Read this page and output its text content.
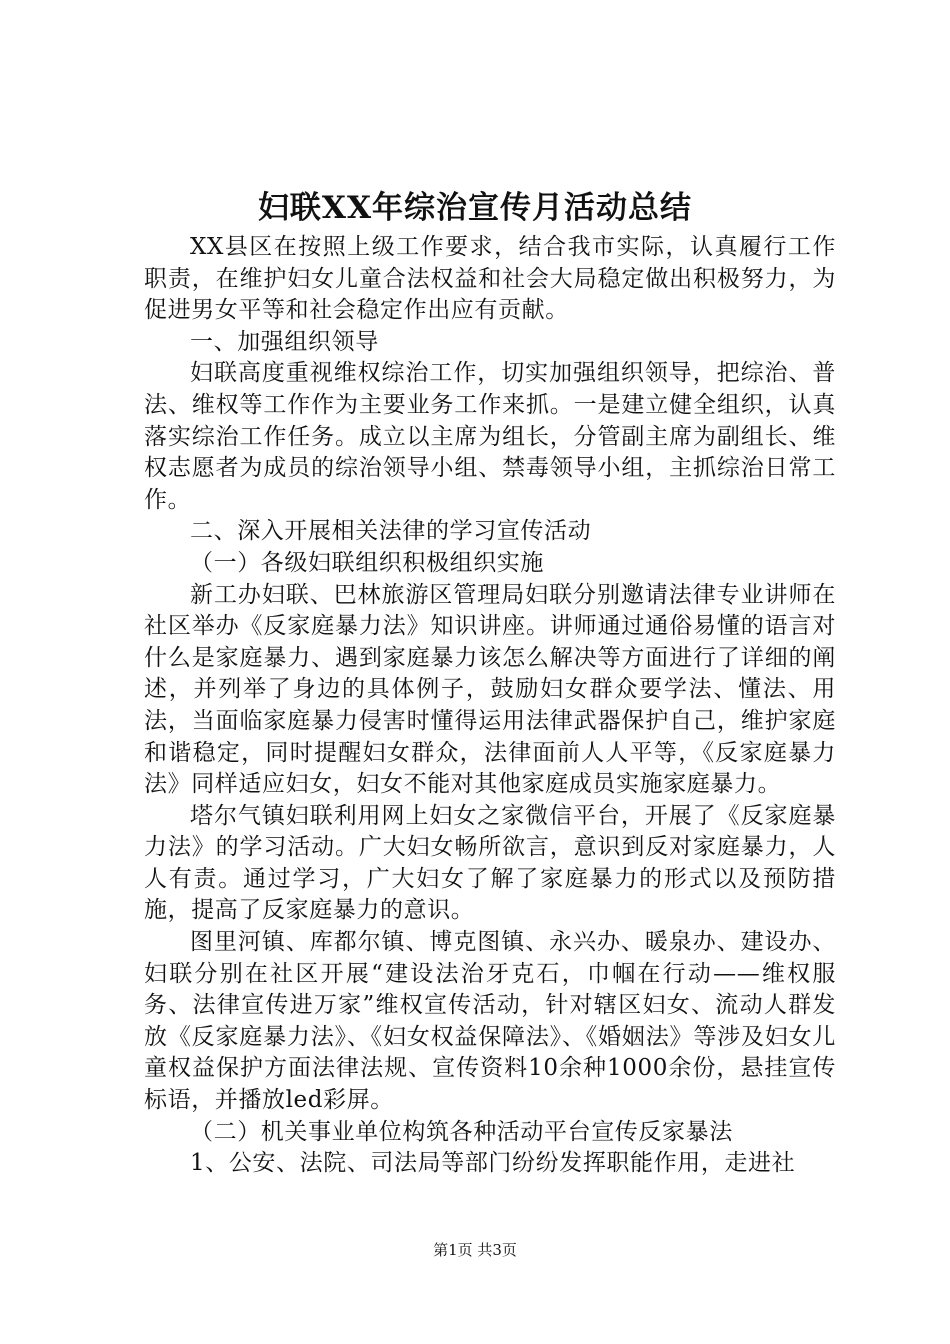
妇联XX年综治宣传月活动总结

XX县区在按照上级工作要求，结合我市实际，认真履行工作职责，在维护妇女儿童合法权益和社会大局稳定做出积极努力，为促进男女平等和社会稳定作出应有贡献。

一、加强组织领导

妇联高度重视维权综治工作，切实加强组织领导，把综治、普法、维权等工作作为主要业务工作来抓。一是建立健全组织，认真落实综治工作任务。成立以主席为组长，分管副主席为副组长、维权志愿者为成员的综治领导小组、禁毒领导小组，主抓综治日常工作。

二、深入开展相关法律的学习宣传活动

（一）各级妇联组织积极组织实施

新工办妇联、巴林旅游区管理局妇联分别邀请法律专业讲师在社区举办《反家庭暴力法》知识讲座。讲师通过通俗易懂的语言对什么是家庭暴力、遇到家庭暴力该怎么解决等方面进行了详细的阐述，并列举了身边的具体例子，鼓励妇女群众要学法、懂法、用法，当面临家庭暴力侵害时懂得运用法律武器保护自己，维护家庭和谐稳定，同时提醒妇女群众，法律面前人人平等，《反家庭暴力法》同样适应妇女，妇女不能对其他家庭成员实施家庭暴力。

塔尔气镇妇联利用网上妇女之家微信平台，开展了《反家庭暴力法》的学习活动。广大妇女畅所欲言，意识到反对家庭暴力，人人有责。通过学习，广大妇女了解了家庭暴力的形式以及预防措施，提高了反家庭暴力的意识。

图里河镇、库都尔镇、博克图镇、永兴办、暖泉办、建设办、妇联分别在社区开展“建设法治牙克石，巾帼在行动——维权服务、法律宣传进万家”维权宣传活动，针对辖区妇女、流动人群发放《反家庭暴力法》、《妇女权益保障法》、《婚姻法》等涉及妇女儿童权益保护方面法律法规、宣传资料10余种1000余份，悬挂宣传标语，并播放led彩屏。

（二）机关事业单位构筑各种活动平台宣传反家暴法

1、公安、法院、司法局等部门纷纷发挥职能作用，走进社

第1页 共3页
